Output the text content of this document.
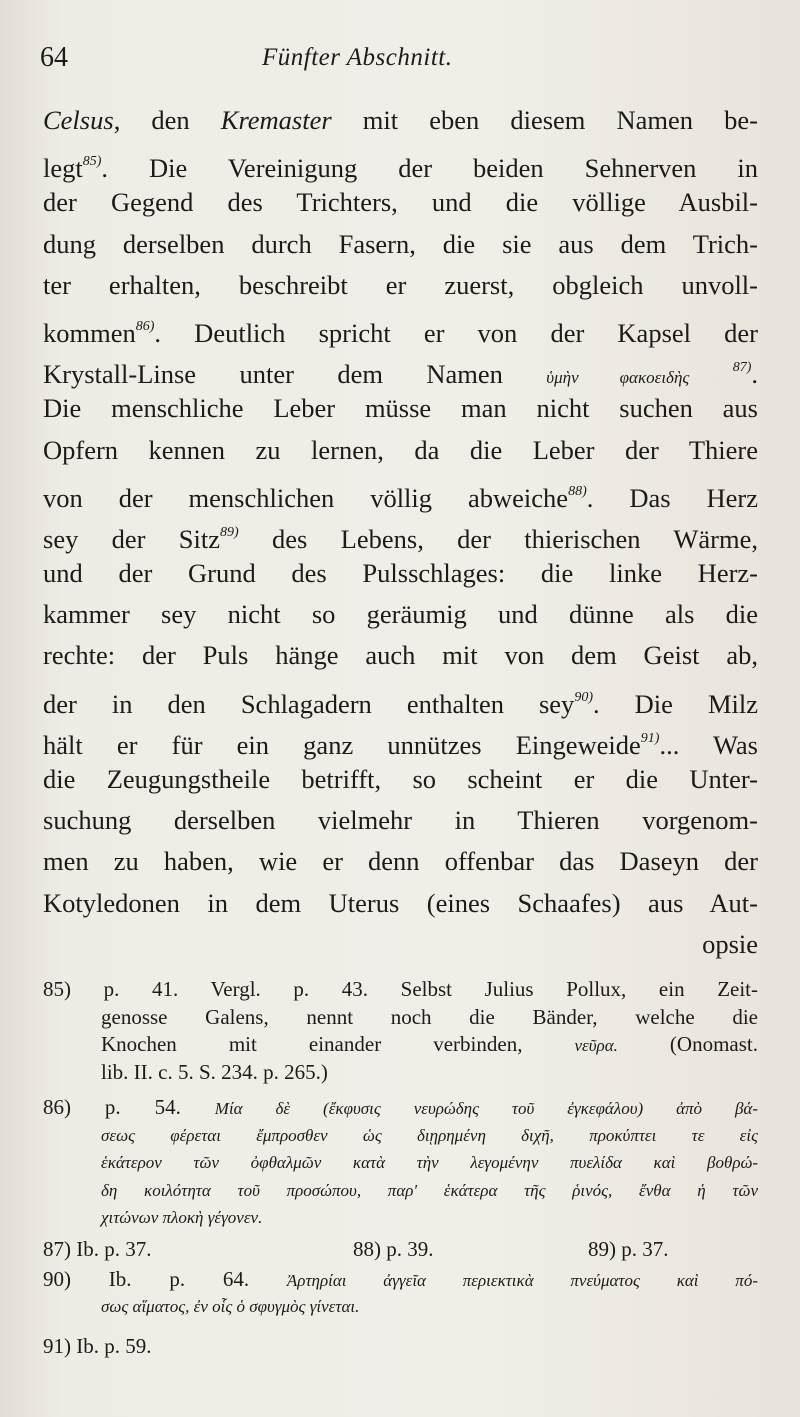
64	Fünfter Abschnitt.
Celsus, den Kremaster mit eben diesem Namen be-
legt$^{85)}$. Die Vereinigung der beiden Sehnerven in
der Gegend des Trichters, und die völlige Ausbil-
dung derselben durch Fasern, die sie aus dem Trich-
ter erhalten, beschreibt er zuerst, obgleich unvoll-
kommen$^{86)}$. Deutlich spricht er von der Kapsel der
Krystall-Linse unter dem Namen ὑμὴν φακοειδὴς $^{87)}$.
Die menschliche Leber müsse man nicht suchen aus
Opfern kennen zu lernen, da die Leber der Thiere
von der menschlichen völlig abweiche$^{88)}$. Das Herz
sey der Sitz$^{89)}$ des Lebens, der thierischen Wärme,
und der Grund des Pulsschlages: die linke Herz-
kammer sey nicht so geräumig und dünne als die
rechte: der Puls hänge auch mit von dem Geist ab,
der in den Schlagadern enthalten sey$^{90)}$. Die Milz
hält er für ein ganz unnützes Eingeweide$^{91)}$... Was
die Zeugungstheile betrifft, so scheint er die Unter-
suchung derselben vielmehr in Thieren vorgenom-
men zu haben, wie er denn offenbar das Daseyn der
Kotyledonen in dem Uterus (eines Schaafes) aus Aut-
opsie
85) p. 41. Vergl. p. 43. Selbst Julius Pollux, ein Zeit-
genosse Galens, nennt noch die Bänder, welche die
Knochen mit einander verbinden, νεῦρα. (Onomast.
lib. II. c. 5. S. 234. p. 265.)
86) p. 54. Μία δὲ (ἔκφυσις νευρώδης τοῦ ἐγκεφάλου) ἀπὸ βά-
σεως φέρεται ἔμπροσθεν ὡς διῃρημένη διχῆ, προκύπτει τε εἰς
ἑκάτερον τῶν ὀφθαλμῶν κατὰ τὴν λεγομένην πυελίδα καὶ βοθρώ-
δη κοιλότητα τοῦ προσώπου, παρ' ἑκάτερα τῆς ῥινός, ἔνθα ἡ τῶν
χιτώνων πλοκὴ γέγονεν.
87) Ib. p. 37.	88) p. 39.	89) p. 37.
90) Ib. p. 64. Ἀρτηρίαι ἀγγεῖα περιεκτικὰ πνεύματος καὶ πό-
σως αἵματος, ἐν οἷς ὁ σφυγμὸς γίνεται.
91) Ib. p. 59.
